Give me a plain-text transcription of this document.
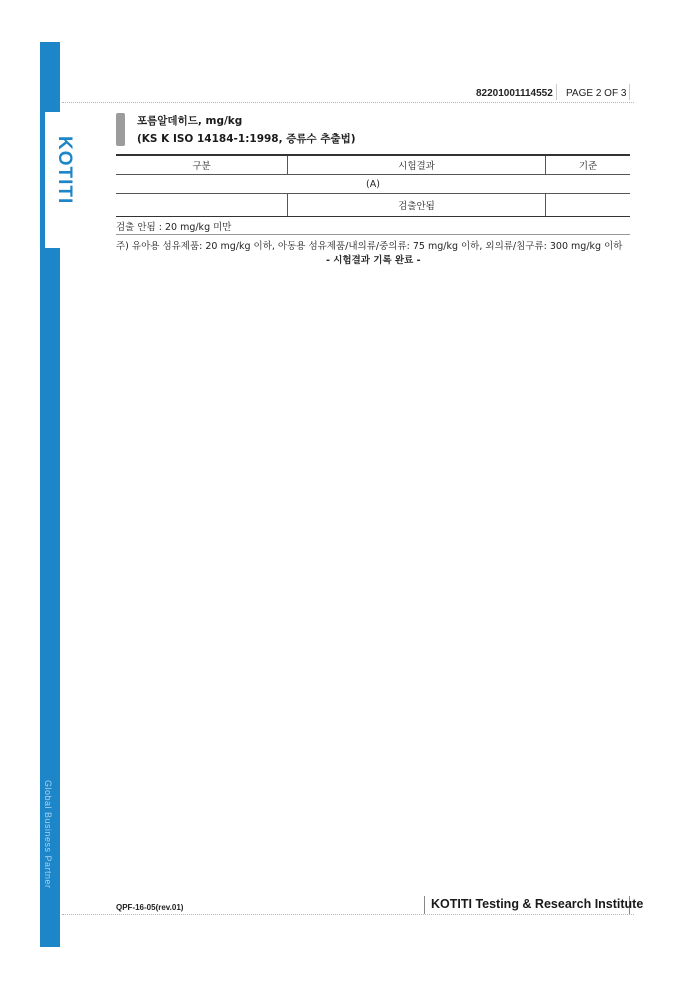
KOTITI
Global Business Partner
82201001114552 PAGE 2 OF 3
포름알데히드, mg/kg
(KS K ISO 14184-1:1998, 증류수 추출법)
구분	시험결과	기준
(A)		
	검출안됨	
검출 안됨 : 20 mg/kg 미만
주) 유아용 섬유제품: 20 mg/kg 이하, 아동용 섬유제품/내의류/중의류: 75 mg/kg 이하, 외의류/침구류: 300 mg/kg 이하
- 시험결과 기록 완료 -
QPF-16-05(rev.01)	KOTITI Testing & Research Institute
